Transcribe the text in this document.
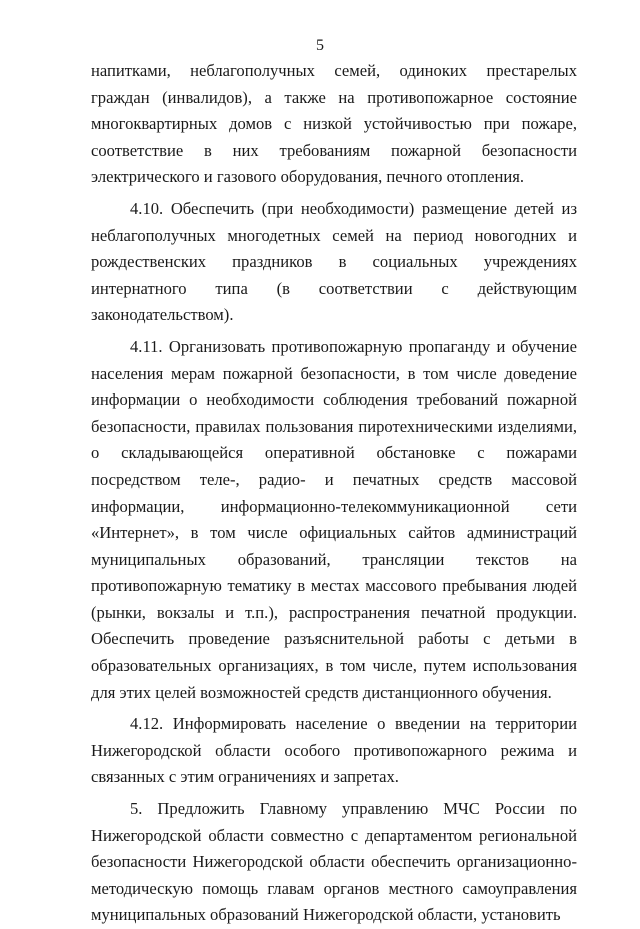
5

напитками, неблагополучных семей, одиноких престарелых граждан (инвалидов), а также на противопожарное состояние многоквартирных домов с низкой устойчивостью при пожаре, соответствие в них требованиям пожарной безопасности электрического и газового оборудования, печного отопления.

4.10. Обеспечить (при необходимости) размещение детей из неблагополучных многодетных семей на период новогодних и рождественских праздников в социальных учреждениях интернатного типа (в соответствии с действующим законодательством).

4.11. Организовать противопожарную пропаганду и обучение населения мерам пожарной безопасности, в том числе доведение информации о необходимости соблюдения требований пожарной безопасности, правилах пользования пиротехническими изделиями, о складывающейся оперативной обстановке с пожарами посредством теле-, радио- и печатных средств массовой информации, информационно-телекоммуникационной сети «Интернет», в том числе официальных сайтов администраций муниципальных образований, трансляции текстов на противопожарную тематику в местах массового пребывания людей (рынки, вокзалы и т.п.), распространения печатной продукции. Обеспечить проведение разъяснительной работы с детьми в образовательных организациях, в том числе, путем использования для этих целей возможностей средств дистанционного обучения.

4.12. Информировать население о введении на территории Нижегородской области особого противопожарного режима и связанных с этим ограничениях и запретах.

5. Предложить Главному управлению МЧС России по Нижегородской области совместно с департаментом региональной безопасности Нижегородской области обеспечить организационно-методическую помощь главам органов местного самоуправления муниципальных образований Нижегородской области, установить
